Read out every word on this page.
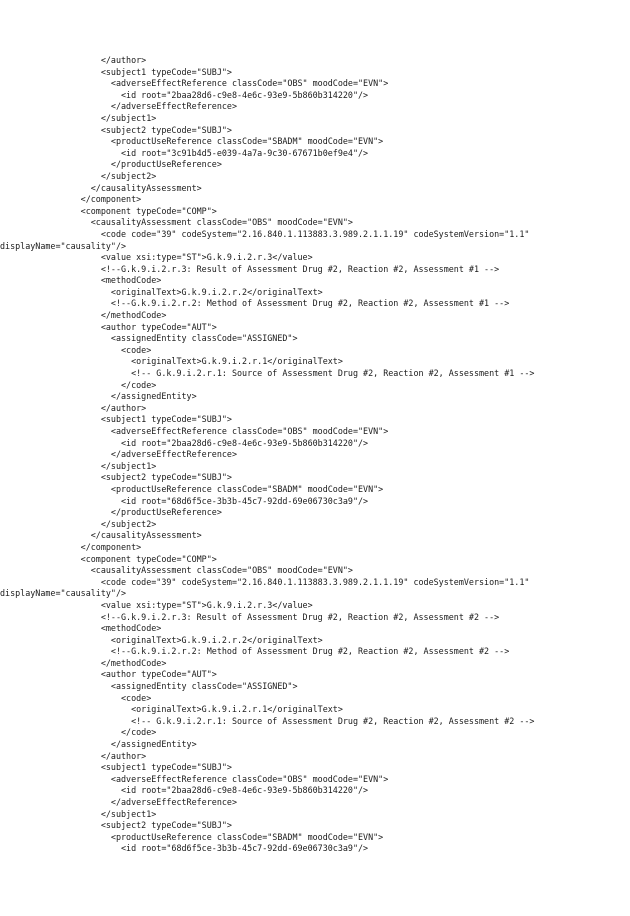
</author>
<subject1 typeCode="SUBJ">
<adverseEffectReference classCode="OBS" moodCode="EVN">
<id root="2baa28d6-c9e8-4e6c-93e9-5b860b314220"/>
</adverseEffectReference>
</subject1>
<subject2 typeCode="SUBJ">
<productUseReference classCode="SBADM" moodCode="EVN">
<id root="3c91b4d5-e039-4a7a-9c30-67671b0ef9e4"/>
</productUseReference>
</subject2>
</causalityAssessment>
</component>
<component typeCode="COMP">
<causalityAssessment classCode="OBS" moodCode="EVN">
<code code="39" codeSystem="2.16.840.1.113883.3.989.2.1.1.19" codeSystemVersion="1.1"
displayName="causality"/>
<value xsi:type="ST">G.k.9.i.2.r.3</value>
<!--G.k.9.i.2.r.3: Result of Assessment Drug #2, Reaction #2, Assessment #1 -->
<methodCode>
<originalText>G.k.9.i.2.r.2</originalText>
<!--G.k.9.i.2.r.2: Method of Assessment Drug #2, Reaction #2, Assessment #1 -->
</methodCode>
<author typeCode="AUT">
<assignedEntity classCode="ASSIGNED">
<code>
<originalText>G.k.9.i.2.r.1</originalText>
<!-- G.k.9.i.2.r.1: Source of Assessment Drug #2, Reaction #2, Assessment #1 -->
</code>
</assignedEntity>
</author>
<subject1 typeCode="SUBJ">
<adverseEffectReference classCode="OBS" moodCode="EVN">
<id root="2baa28d6-c9e8-4e6c-93e9-5b860b314220"/>
</adverseEffectReference>
</subject1>
<subject2 typeCode="SUBJ">
<productUseReference classCode="SBADM" moodCode="EVN">
<id root="68d6f5ce-3b3b-45c7-92dd-69e06730c3a9"/>
</productUseReference>
</subject2>
</causalityAssessment>
</component>
<component typeCode="COMP">
<causalityAssessment classCode="OBS" moodCode="EVN">
<code code="39" codeSystem="2.16.840.1.113883.3.989.2.1.1.19" codeSystemVersion="1.1"
displayName="causality"/>
<value xsi:type="ST">G.k.9.i.2.r.3</value>
<!--G.k.9.i.2.r.3: Result of Assessment Drug #2, Reaction #2, Assessment #2 -->
<methodCode>
<originalText>G.k.9.i.2.r.2</originalText>
<!--G.k.9.i.2.r.2: Method of Assessment Drug #2, Reaction #2, Assessment #2 -->
</methodCode>
<author typeCode="AUT">
<assignedEntity classCode="ASSIGNED">
<code>
<originalText>G.k.9.i.2.r.1</originalText>
<!-- G.k.9.i.2.r.1: Source of Assessment Drug #2, Reaction #2, Assessment #2 -->
</code>
</assignedEntity>
</author>
<subject1 typeCode="SUBJ">
<adverseEffectReference classCode="OBS" moodCode="EVN">
<id root="2baa28d6-c9e8-4e6c-93e9-5b860b314220"/>
</adverseEffectReference>
</subject1>
<subject2 typeCode="SUBJ">
<productUseReference classCode="SBADM" moodCode="EVN">
<id root="68d6f5ce-3b3b-45c7-92dd-69e06730c3a9"/>
